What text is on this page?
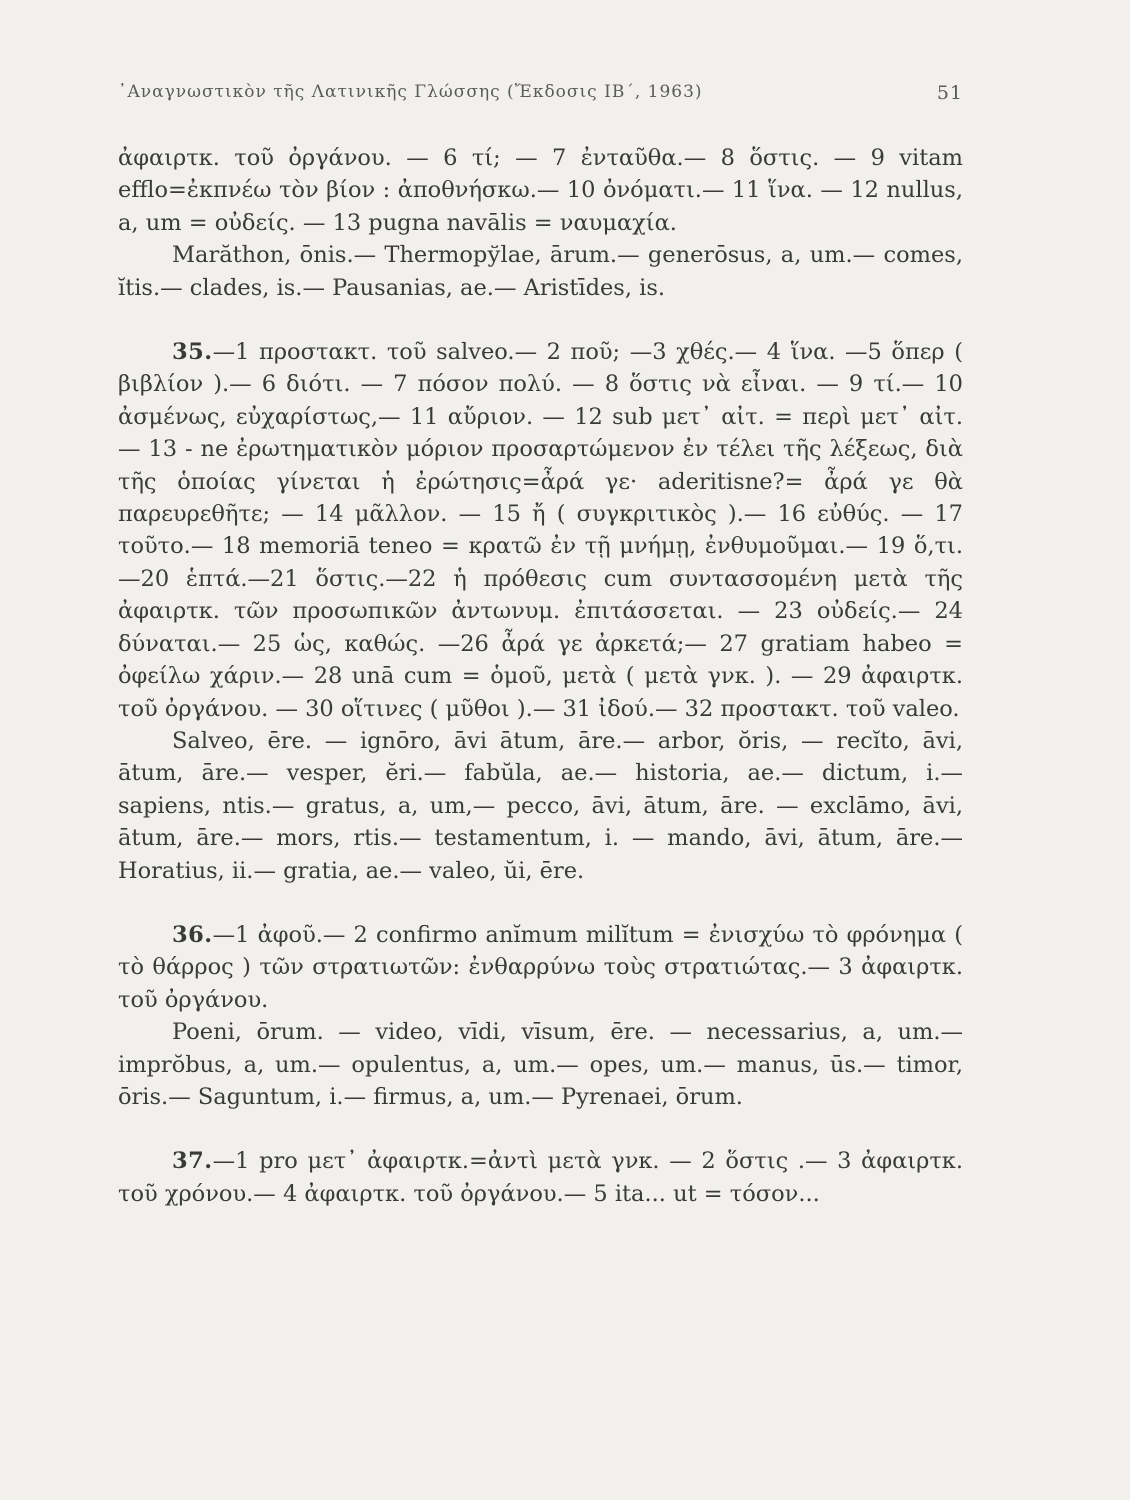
᾿Αναγνωστικὸν τῆς Λατινικῆς Γλώσσης (Ἔκδοσις ΙΒ΄, 1963)	51

ἀφαιρτκ. τοῦ ὀργάνου. — 6 τί; — 7 ἐνταῦθα.— 8 ὅστις. — 9 vitam efflo=ἐκπνέω τὸν βίον : ἀποθνήσκω.— 10 ὀνόματι.— 11 ἵνα. — 12 nullus, a, um = οὐδείς. — 13 pugna navālis = ναυμαχία.

Marăthon, ōnis.— Thermopўlae, ārum.— generōsus, a, um.— comes, ĭtis.— clades, is.— Pausanias, ae.— Aristīdes, is.

35.—1 προστακτ. τοῦ salveo.— 2 ποῦ; —3 χθές.— 4 ἵνα. —5 ὅπερ ( βιβλίον ).— 6 διότι. — 7 πόσον πολύ. — 8 ὅστις νὰ εἶναι. — 9 τί.— 10 ἀσμένως, εὐχαρίστως,— 11 αὔριον. — 12 sub μετ᾽ αἰτ. = περὶ μετ᾽ αἰτ. — 13 - ne ἐρωτηματικὸν μόριον προσαρτώμενον ἐν τέλει τῆς λέξεως, διὰ τῆς ὁποίας γίνεται ἡ ἐρώτησις=ἆρά γε· aderitisne?= ἆρά γε θὰ παρευρεθῆτε; — 14 μᾶλλον. — 15 ἤ ( συγκριτικὸς ).— 16 εὐθύς. — 17 τοῦτο.— 18 memoriā teneo = κρατῶ ἐν τῇ μνήμῃ, ἐνθυμοῦμαι.— 19 ὅ,τι.—20 ἑπτά.—21 ὅστις.—22 ἡ πρόθεσις cum συντασσομένη μετὰ τῆς ἀφαιρτκ. τῶν προσωπικῶν ἀντωνυμ. ἐπιτάσσεται. — 23 οὐδείς.— 24 δύναται.— 25 ὡς, καθώς. —26 ἆρά γε ἀρκετά;— 27 gratiam habeo = ὀφείλω χάριν.— 28 unā cum = ὁμοῦ, μετὰ ( μετὰ γνκ. ). — 29 ἀφαιρτκ. τοῦ ὀργάνου. — 30 οἵτινες ( μῦθοι ).— 31 ἰδού.— 32 προστακτ. τοῦ valeo.

Salveo, ēre. — ignōro, āvi ātum, āre.— arbor, ŏris, — recĭto, āvi, ātum, āre.— vesper, ĕri.— fabŭla, ae.— historia, ae.— dictum, i.— sapiens, ntis.— gratus, a, um,— pecco, āvi, ātum, āre. — exclāmo, āvi, ātum, āre.— mors, rtis.— testamentum, i. — mando, āvi, ātum, āre.— Horatius, ii.— gratia, ae.— valeo, ŭi, ēre.

36.—1 ἀφοῦ.— 2 confirmo anĭmum milĭtum = ἐνισχύω τὸ φρόνημα ( τὸ θάρρος ) τῶν στρατιωτῶν: ἐνθαρρύνω τοὺς στρατιώτας.— 3 ἀφαιρτκ. τοῦ ὀργάνου.

Poeni, ōrum. — video, vīdi, vīsum, ēre. — necessarius, a, um.—imprŏbus, a, um.— opulentus, a, um.— opes, um.— manus, ūs.— timor, ōris.— Saguntum, i.— firmus, a, um.— Pyrenaei, ōrum.

37.—1 pro μετ᾽ ἀφαιρτκ.=ἀντὶ μετὰ γνκ. — 2 ὅστις .— 3 ἀφαιρτκ. τοῦ χρόνου.— 4 ἀφαιρτκ. τοῦ ὀργάνου.— 5 ita... ut = τόσον...
